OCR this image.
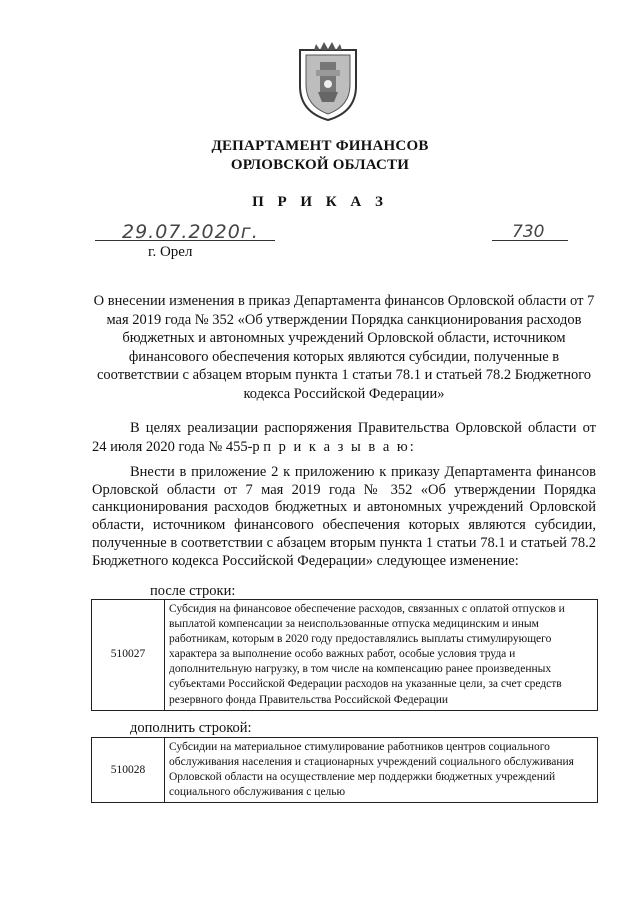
ДЕПАРТАМЕНТ ФИНАНСОВ
ОРЛОВСКОЙ ОБЛАСТИ
П Р И К А З
29.07.2020г.	730
г. Орел
О внесении изменения в приказ Департамента финансов Орловской области от 7 мая 2019 года № 352 «Об утверждении Порядка санкционирования расходов бюджетных и автономных учреждений Орловской области, источником финансового обеспечения которых являются субсидии, полученные в соответствии с абзацем вторым пункта 1 статьи 78.1 и статьей 78.2 Бюджетного кодекса Российской Федерации»
В целях реализации распоряжения Правительства Орловской области от 24 июля 2020 года № 455-р п р и к а з ы в а ю:
Внести в приложение 2 к приложению к приказу Департамента финансов Орловской области от 7 мая 2019 года № 352 «Об утверждении Порядка санкционирования расходов бюджетных и автономных учреждений Орловской области, источником финансового обеспечения которых являются субсидии, полученные в соответствии с абзацем вторым пункта 1 статьи 78.1 и статьей 78.2 Бюджетного кодекса Российской Федерации» следующее изменение:
после строки:
510027	Субсидия на финансовое обеспечение расходов, связанных с оплатой отпусков и выплатой компенсации за неиспользованные отпуска медицинским и иным работникам, которым в 2020 году предоставлялись выплаты стимулирующего характера за выполнение особо важных работ, особые условия труда и дополнительную нагрузку, в том числе на компенсацию ранее произведенных субъектами Российской Федерации расходов на указанные цели, за счет средств резервного фонда Правительства Российской Федерации
дополнить строкой:
510028	Субсидии на материальное стимулирование работников центров социального обслуживания населения и стационарных учреждений социального обслуживания Орловской области на осуществление мер поддержки бюджетных учреждений социального обслуживания с целью
